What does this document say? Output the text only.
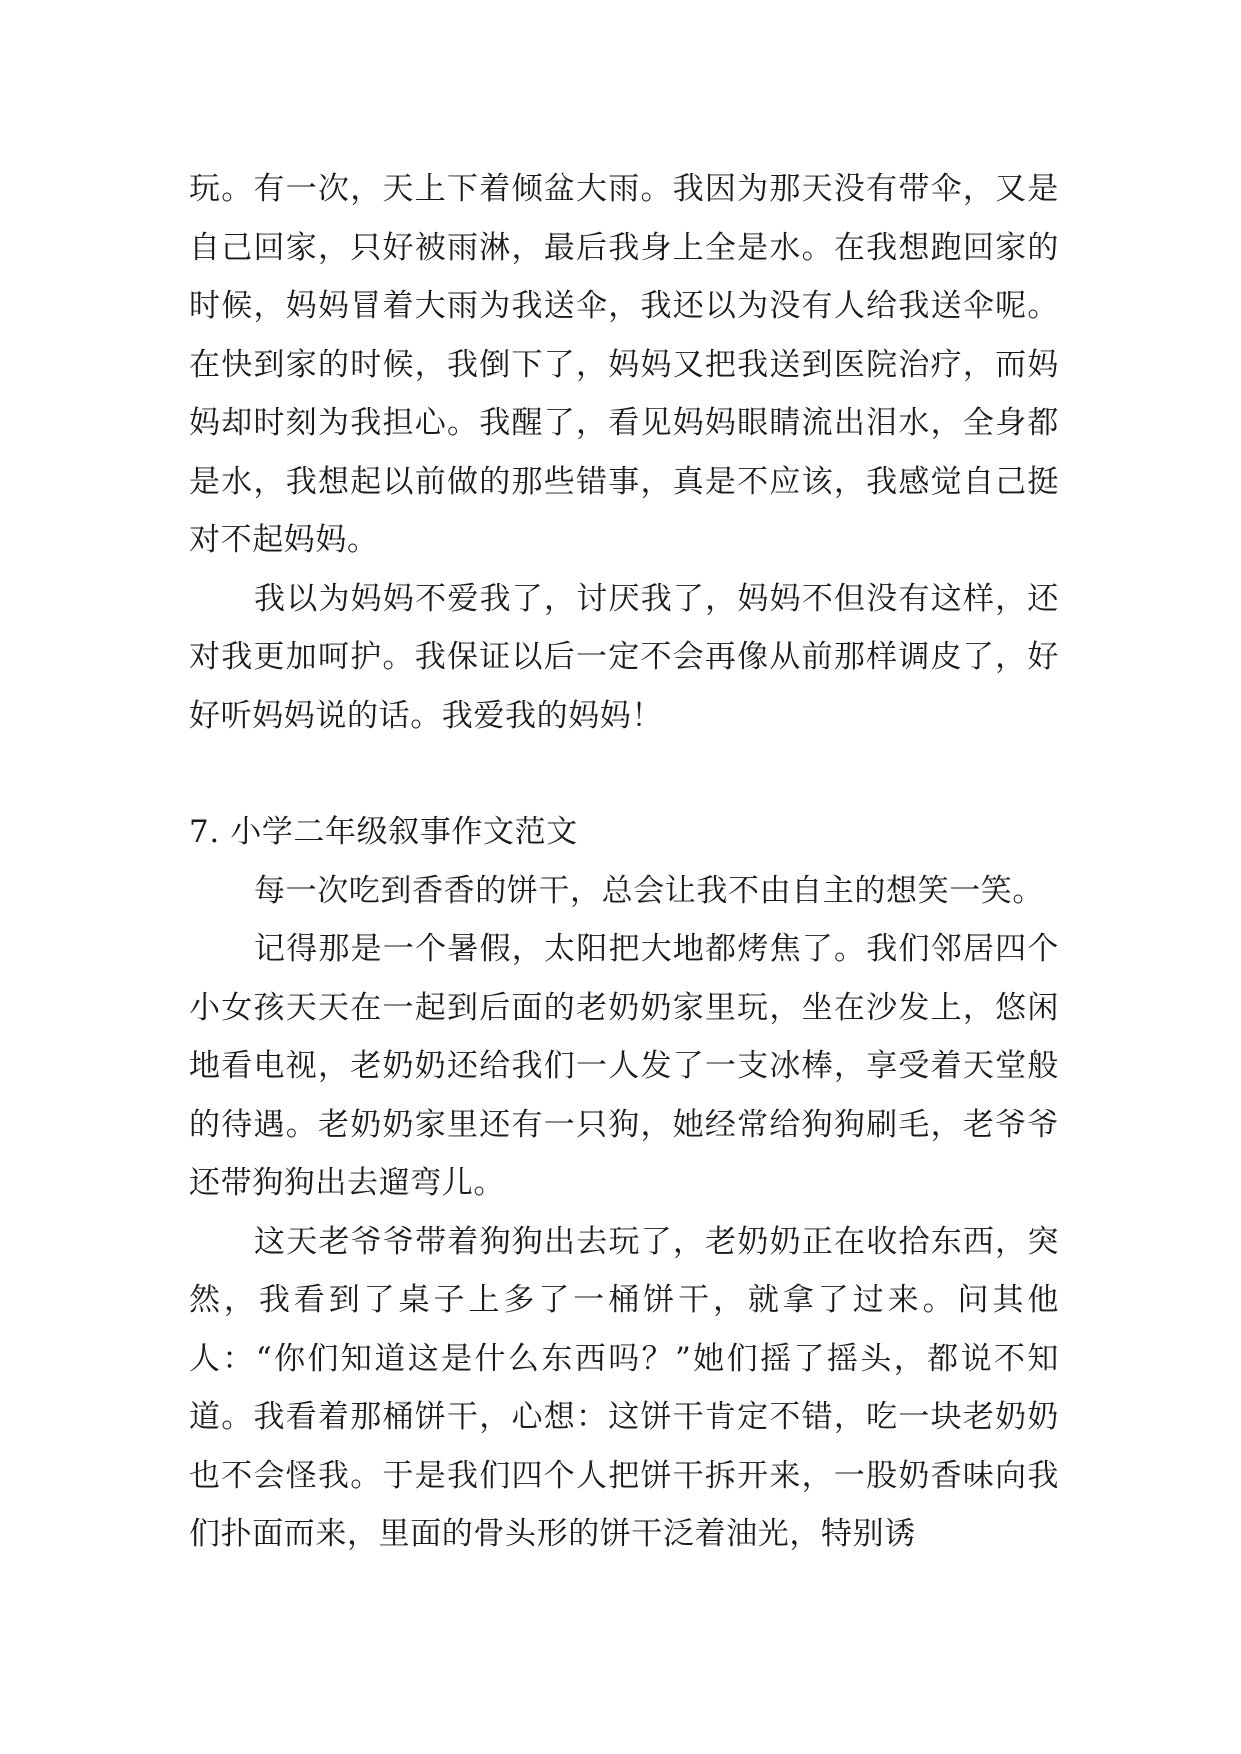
玩。有一次，天上下着倾盆大雨。我因为那天没有带伞，又是自己回家，只好被雨淋，最后我身上全是水。在我想跑回家的时候，妈妈冒着大雨为我送伞，我还以为没有人给我送伞呢。在快到家的时候，我倒下了，妈妈又把我送到医院治疗，而妈妈却时刻为我担心。我醒了，看见妈妈眼睛流出泪水，全身都是水，我想起以前做的那些错事，真是不应该，我感觉自己挺对不起妈妈。

我以为妈妈不爱我了，讨厌我了，妈妈不但没有这样，还对我更加呵护。我保证以后一定不会再像从前那样调皮了，好好听妈妈说的话。我爱我的妈妈！

7. 小学二年级叙事作文范文

每一次吃到香香的饼干，总会让我不由自主的想笑一笑。

记得那是一个暑假，太阳把大地都烤焦了。我们邻居四个小女孩天天在一起到后面的老奶奶家里玩，坐在沙发上，悠闲地看电视，老奶奶还给我们一人发了一支冰棒，享受着天堂般的待遇。老奶奶家里还有一只狗，她经常给狗狗刷毛，老爷爷还带狗狗出去遛弯儿。

这天老爷爷带着狗狗出去玩了，老奶奶正在收拾东西，突然，我看到了桌子上多了一桶饼干，就拿了过来。问其他人：“你们知道这是什么东西吗？”她们摇了摇头，都说不知道。我看着那桶饼干，心想：这饼干肯定不错，吃一块老奶奶也不会怪我。于是我们四个人把饼干拆开来，一股奶香味向我们扑面而来，里面的骨头形的饼干泛着油光，特别诱
